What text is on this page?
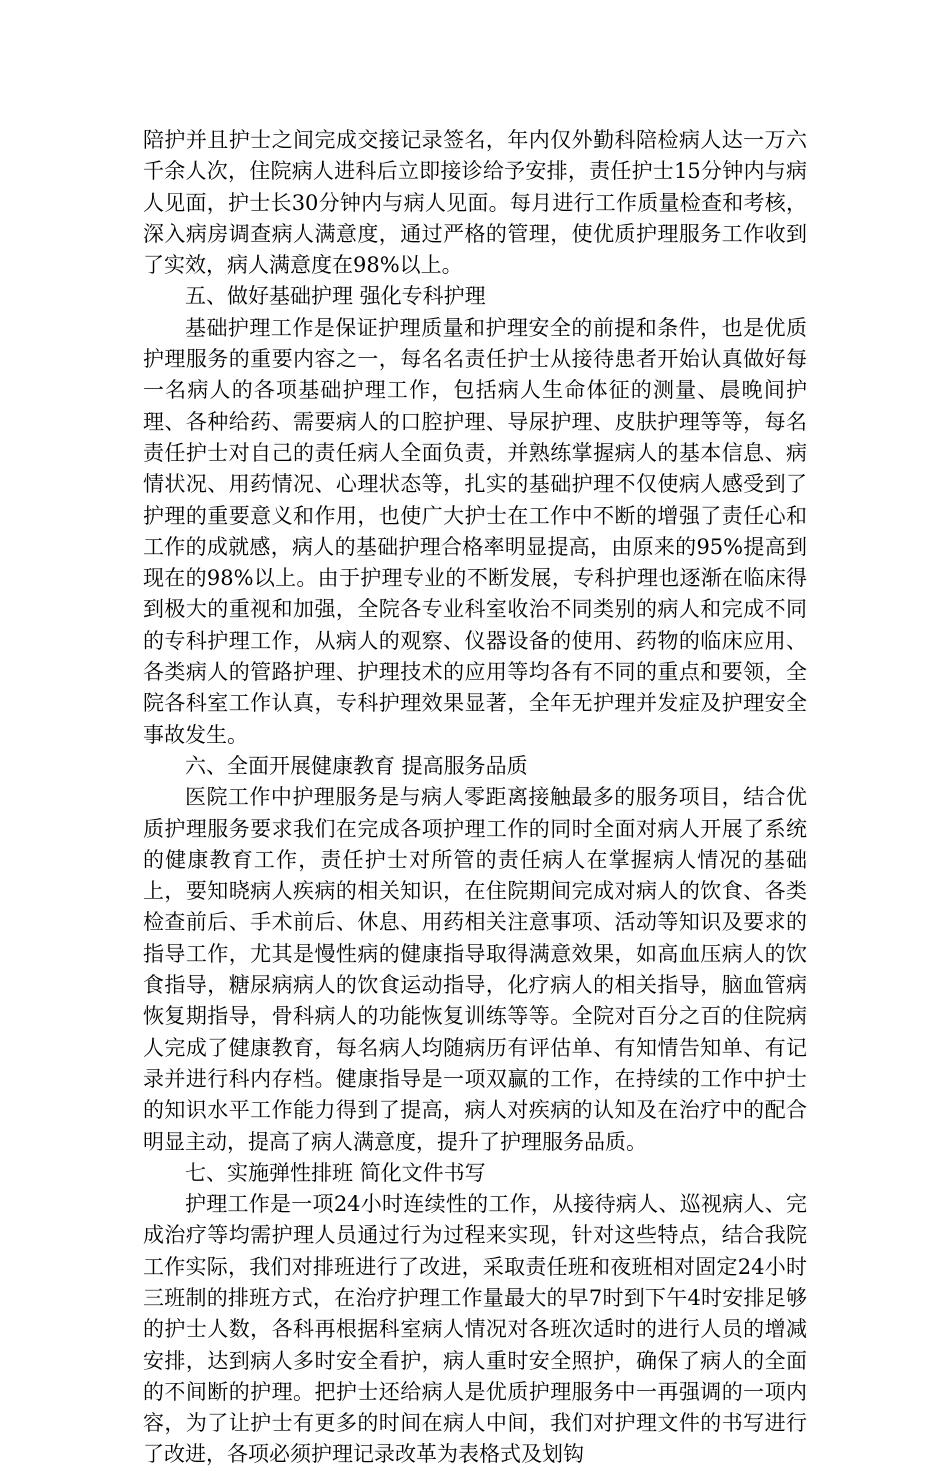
陪护并且护士之间完成交接记录签名，年内仅外勤科陪检病人达一万六千余人次，住院病人进科后立即接诊给予安排，责任护士15分钟内与病人见面，护士长30分钟内与病人见面。每月进行工作质量检查和考核，深入病房调查病人满意度，通过严格的管理，使优质护理服务工作收到了实效，病人满意度在98%以上。

五、做好基础护理 强化专科护理

基础护理工作是保证护理质量和护理安全的前提和条件，也是优质护理服务的重要内容之一，每名名责任护士从接待患者开始认真做好每一名病人的各项基础护理工作，包括病人生命体征的测量、晨晚间护理、各种给药、需要病人的口腔护理、导尿护理、皮肤护理等等，每名责任护士对自己的责任病人全面负责，并熟练掌握病人的基本信息、病情状况、用药情况、心理状态等，扎实的基础护理不仅使病人感受到了护理的重要意义和作用，也使广大护士在工作中不断的增强了责任心和工作的成就感，病人的基础护理合格率明显提高，由原来的95%提高到现在的98%以上。由于护理专业的不断发展，专科护理也逐渐在临床得到极大的重视和加强，全院各专业科室收治不同类别的病人和完成不同的专科护理工作，从病人的观察、仪器设备的使用、药物的临床应用、各类病人的管路护理、护理技术的应用等均各有不同的重点和要领，全院各科室工作认真，专科护理效果显著，全年无护理并发症及护理安全事故发生。

六、全面开展健康教育 提高服务品质

医院工作中护理服务是与病人零距离接触最多的服务项目，结合优质护理服务要求我们在完成各项护理工作的同时全面对病人开展了系统的健康教育工作，责任护士对所管的责任病人在掌握病人情况的基础上，要知晓病人疾病的相关知识，在住院期间完成对病人的饮食、各类检查前后、手术前后、休息、用药相关注意事项、活动等知识及要求的指导工作，尤其是慢性病的健康指导取得满意效果，如高血压病人的饮食指导，糖尿病病人的饮食运动指导，化疗病人的相关指导，脑血管病恢复期指导，骨科病人的功能恢复训练等等。全院对百分之百的住院病人完成了健康教育，每名病人均随病历有评估单、有知情告知单、有记录并进行科内存档。健康指导是一项双赢的工作，在持续的工作中护士的知识水平工作能力得到了提高，病人对疾病的认知及在治疗中的配合明显主动，提高了病人满意度，提升了护理服务品质。

七、实施弹性排班 简化文件书写

护理工作是一项24小时连续性的工作，从接待病人、巡视病人、完成治疗等均需护理人员通过行为过程来实现，针对这些特点，结合我院工作实际，我们对排班进行了改进，采取责任班和夜班相对固定24小时三班制的排班方式，在治疗护理工作量最大的早7时到下午4时安排足够的护士人数，各科再根据科室病人情况对各班次适时的进行人员的增减安排，达到病人多时安全看护，病人重时安全照护，确保了病人的全面的不间断的护理。把护士还给病人是优质护理服务中一再强调的一项内容，为了让护士有更多的时间在病人中间，我们对护理文件的书写进行了改进，各项必须护理记录改革为表格式及划钩
